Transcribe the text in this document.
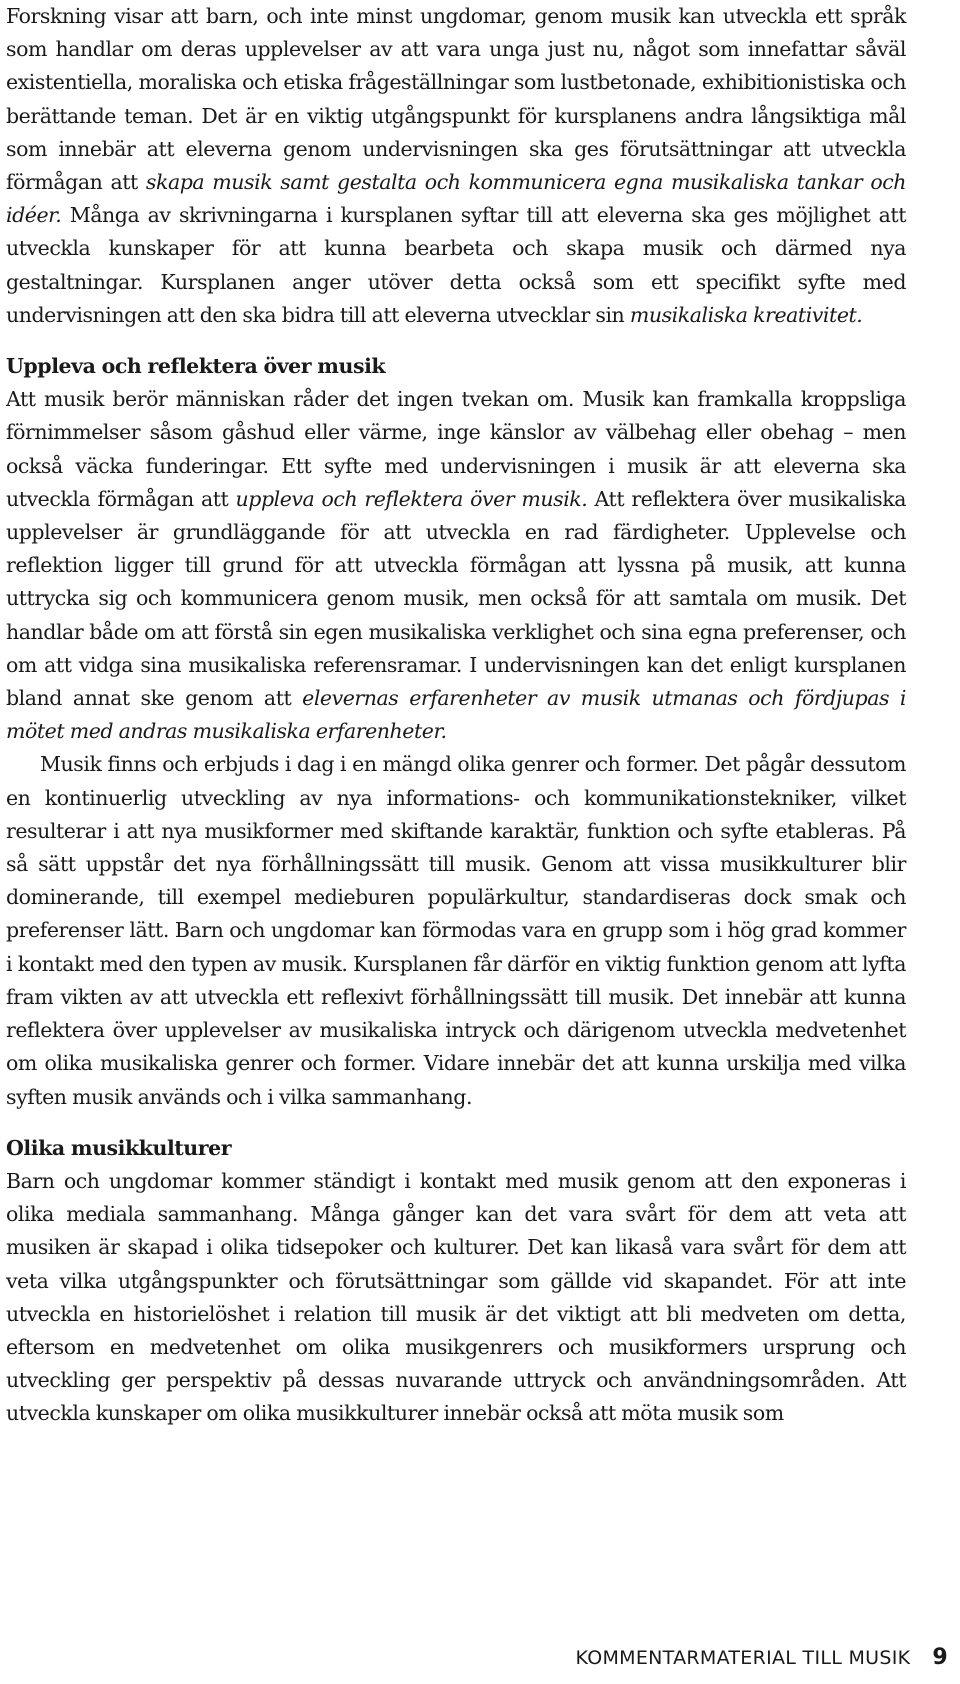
Forskning visar att barn, och inte minst ungdomar, genom musik kan utveckla ett språk som handlar om deras upplevelser av att vara unga just nu, något som innefattar såväl existentiella, moraliska och etiska frågeställningar som lustbetonade, exhibitionistiska och berättande teman. Det är en viktig utgångspunkt för kursplanens andra långsiktiga mål som innebär att eleverna genom undervisningen ska ges förutsättningar att utveckla förmågan att skapa musik samt gestalta och kommunicera egna musikaliska tankar och idéer. Många av skrivningarna i kursplanen syftar till att eleverna ska ges möjlighet att utveckla kunskaper för att kunna bearbeta och skapa musik och därmed nya gestaltningar. Kursplanen anger utöver detta också som ett specifikt syfte med undervisningen att den ska bidra till att eleverna utvecklar sin musikaliska kreativitet.

Uppleva och reflektera över musik

Att musik berör människan råder det ingen tvekan om. Musik kan framkalla kroppsliga förnimmelser såsom gåshud eller värme, inge känslor av välbehag eller obehag – men också väcka funderingar. Ett syfte med undervisningen i musik är att eleverna ska utveckla förmågan att uppleva och reflektera över musik. Att reflektera över musikaliska upplevelser är grundläggande för att utveckla en rad färdigheter. Upplevelse och reflektion ligger till grund för att utveckla förmågan att lyssna på musik, att kunna uttrycka sig och kommunicera genom musik, men också för att samtala om musik. Det handlar både om att förstå sin egen musikaliska verklighet och sina egna preferenser, och om att vidga sina musikaliska referensramar. I undervisningen kan det enligt kursplanen bland annat ske genom att elevernas erfarenheter av musik utmanas och fördjupas i mötet med andras musikaliska erfarenheter.

Musik finns och erbjuds i dag i en mängd olika genrer och former. Det pågår dessutom en kontinuerlig utveckling av nya informations- och kommunikationstekniker, vilket resulterar i att nya musikformer med skiftande karaktär, funktion och syfte etableras. På så sätt uppstår det nya förhållningssätt till musik. Genom att vissa musikkulturer blir dominerande, till exempel medieburen populärkultur, standardiseras dock smak och preferenser lätt. Barn och ungdomar kan förmodas vara en grupp som i hög grad kommer i kontakt med den typen av musik. Kursplanen får därför en viktig funktion genom att lyfta fram vikten av att utveckla ett reflexivt förhållningssätt till musik. Det innebär att kunna reflektera över upplevelser av musikaliska intryck och därigenom utveckla medvetenhet om olika musikaliska genrer och former. Vidare innebär det att kunna urskilja med vilka syften musik används och i vilka sammanhang.

Olika musikkulturer

Barn och ungdomar kommer ständigt i kontakt med musik genom att den exponeras i olika mediala sammanhang. Många gånger kan det vara svårt för dem att veta att musiken är skapad i olika tidsepoker och kulturer. Det kan likaså vara svårt för dem att veta vilka utgångspunkter och förutsättningar som gällde vid skapandet. För att inte utveckla en historielöshet i relation till musik är det viktigt att bli medveten om detta, eftersom en medvetenhet om olika musikgenrers och musikformers ursprung och utveckling ger perspektiv på dessas nuvarande uttryck och användningsområden. Att utveckla kunskaper om olika musikkulturer innebär också att möta musik som

KOMMENTARMATERIAL TILL MUSIK 9
